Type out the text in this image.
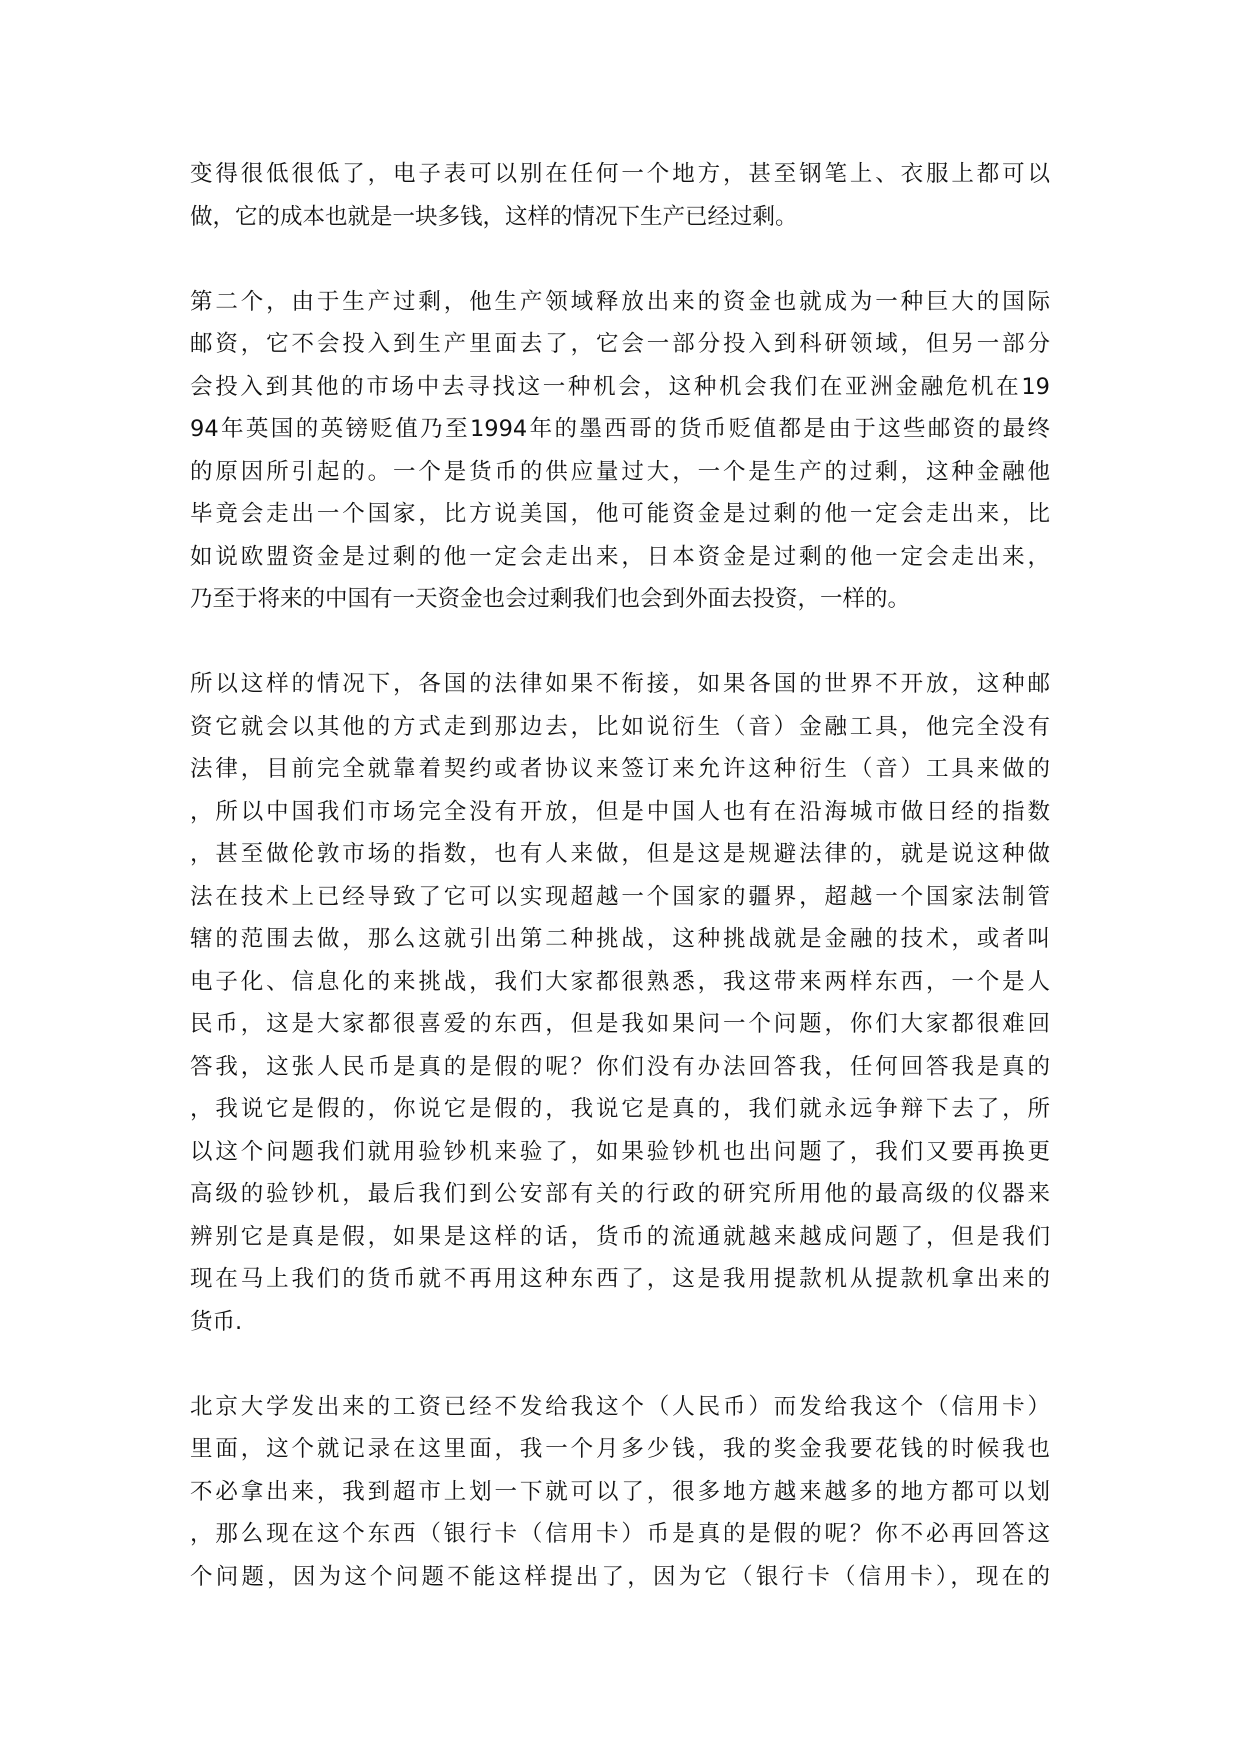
变得很低很低了，电子表可以别在任何一个地方，甚至钢笔上、衣服上都可以
做，它的成本也就是一块多钱，这样的情况下生产已经过剩。
第二个，由于生产过剩，他生产领域释放出来的资金也就成为一种巨大的国际
邮资，它不会投入到生产里面去了，它会一部分投入到科研领域，但另一部分
会投入到其他的市场中去寻找这一种机会，这种机会我们在亚洲金融危机在19
94年英国的英镑贬值乃至1994年的墨西哥的货币贬值都是由于这些邮资的最终
的原因所引起的。一个是货币的供应量过大，一个是生产的过剩，这种金融他
毕竟会走出一个国家，比方说美国，他可能资金是过剩的他一定会走出来，比
如说欧盟资金是过剩的他一定会走出来，日本资金是过剩的他一定会走出来，
乃至于将来的中国有一天资金也会过剩我们也会到外面去投资，一样的。
所以这样的情况下，各国的法律如果不衔接，如果各国的世界不开放，这种邮
资它就会以其他的方式走到那边去，比如说衍生（音）金融工具，他完全没有
法律，目前完全就靠着契约或者协议来签订来允许这种衍生（音）工具来做的
，所以中国我们市场完全没有开放，但是中国人也有在沿海城市做日经的指数
，甚至做伦敦市场的指数，也有人来做，但是这是规避法律的，就是说这种做
法在技术上已经导致了它可以实现超越一个国家的疆界，超越一个国家法制管
辖的范围去做，那么这就引出第二种挑战，这种挑战就是金融的技术，或者叫
电子化、信息化的来挑战，我们大家都很熟悉，我这带来两样东西，一个是人
民币，这是大家都很喜爱的东西，但是我如果问一个问题，你们大家都很难回
答我，这张人民币是真的是假的呢？你们没有办法回答我，任何回答我是真的
，我说它是假的，你说它是假的，我说它是真的，我们就永远争辩下去了，所
以这个问题我们就用验钞机来验了，如果验钞机也出问题了，我们又要再换更
高级的验钞机，最后我们到公安部有关的行政的研究所用他的最高级的仪器来
辨别它是真是假，如果是这样的话，货币的流通就越来越成问题了，但是我们
现在马上我们的货币就不再用这种东西了，这是我用提款机从提款机拿出来的
货币.
北京大学发出来的工资已经不发给我这个（人民币）而发给我这个（信用卡）
里面，这个就记录在这里面，我一个月多少钱，我的奖金我要花钱的时候我也
不必拿出来，我到超市上划一下就可以了，很多地方越来越多的地方都可以划
，那么现在这个东西（银行卡（信用卡）币是真的是假的呢？你不必再回答这
个问题，因为这个问题不能这样提出了，因为它（银行卡（信用卡），现在的
